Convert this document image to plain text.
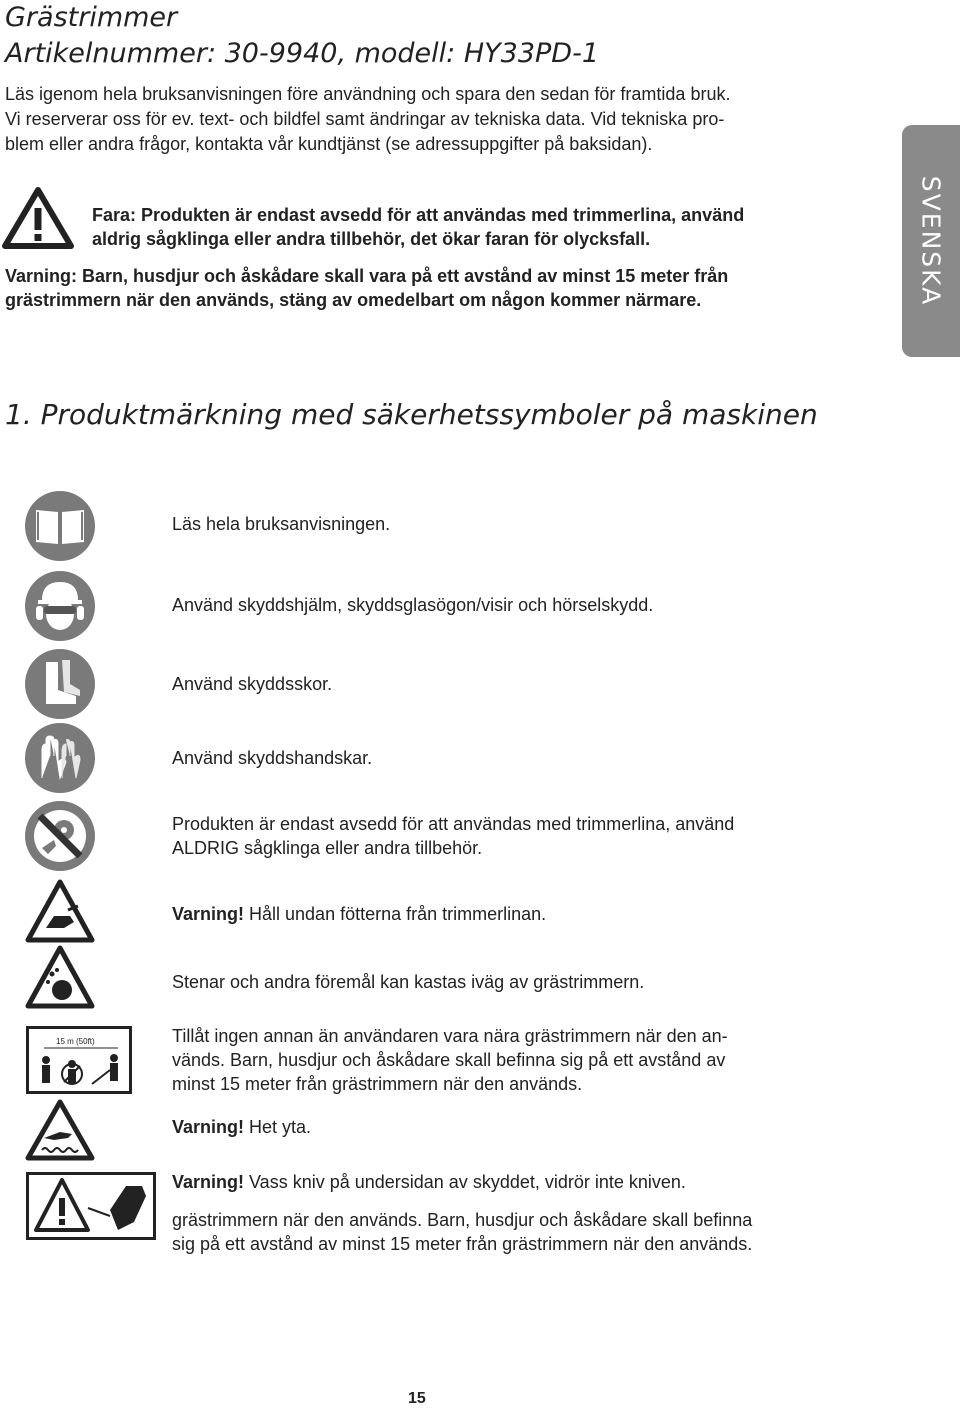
Grästrimmer
Artikelnummer: 30-9940, modell: HY33PD-1
Läs igenom hela bruksanvisningen före användning och spara den sedan för framtida bruk.
Vi reserverar oss för ev. text- och bildfel samt ändringar av tekniska data. Vid tekniska pro-
blem eller andra frågor, kontakta vår kundtjänst (se adressuppgifter på baksidan).
Fara: Produkten är endast avsedd för att användas med trimmerlina, använd
aldrig sågklinga eller andra tillbehör, det ökar faran för olycksfall.
Varning: Barn, husdjur och åskådare skall vara på ett avstånd av minst 15 meter från
grästrimmern när den används, stäng av omedelbart om någon kommer närmare.	SVENSKA
1. Produktmärkning med säkerhetssymboler på maskinen
Läs hela bruksanvisningen.
Använd skyddshjälm, skyddsglasögon/visir och hörselskydd.
Använd skyddsskor.
Använd skyddshandskar.
Produkten är endast avsedd för att användas med trimmerlina, använd
ALDRIG sågklinga eller andra tillbehör.
Varning! Håll undan fötterna från trimmerlinan.
Stenar och andra föremål kan kastas iväg av grästrimmern.
15 m (50ft)	Tillåt ingen annan än användaren vara nära grästrimmern när den an-
vänds. Barn, husdjur och åskådare skall befinna sig på ett avstånd av
minst 15 meter från grästrimmern när den används.
Varning! Het yta.
Varning! Vass kniv på undersidan av skyddet, vidrör inte kniven.
grästrimmern när den används. Barn, husdjur och åskådare skall befinna
sig på ett avstånd av minst 15 meter från grästrimmern när den används.
15
